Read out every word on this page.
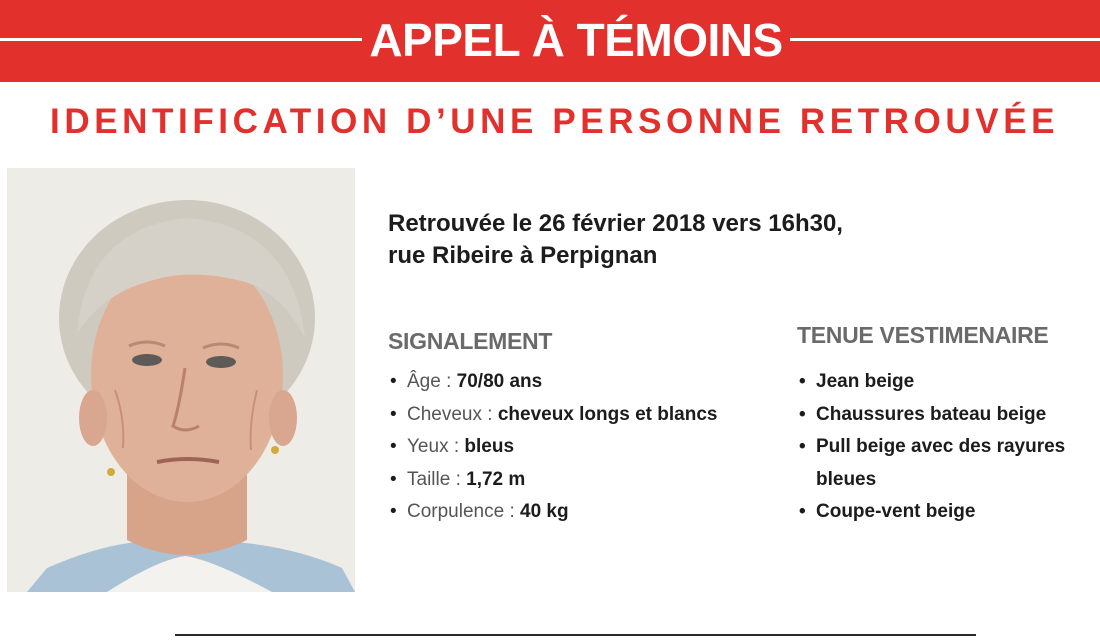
APPEL À TÉMOINS
IDENTIFICATION D’UNE PERSONNE RETROUVÉE
Retrouvée le 26 février 2018 vers 16h30,
rue Ribeire à Perpignan
SIGNALEMENT
• Âge : 70/80 ans
• Cheveux : cheveux longs et blancs
• Yeux : bleus
• Taille : 1,72 m
• Corpulence : 40 kg
TENUE VESTIMENAIRE
• Jean beige
• Chaussures bateau beige
• Pull beige avec des rayures bleues
• Coupe-vent beige
